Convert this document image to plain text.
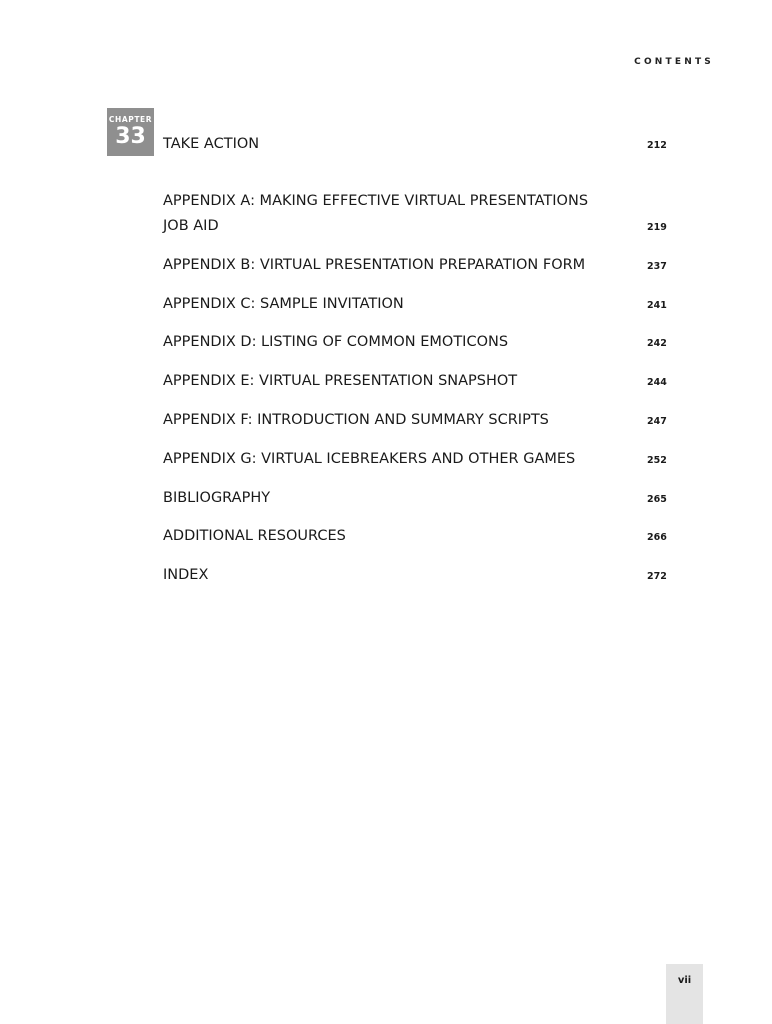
CONTENTS
CHAPTER
33	TAKE ACTION	212
APPENDIX A: MAKING EFFECTIVE VIRTUAL PRESENTATIONS
JOB AID	219
APPENDIX B: VIRTUAL PRESENTATION PREPARATION FORM	237
APPENDIX C: SAMPLE INVITATION	241
APPENDIX D: LISTING OF COMMON EMOTICONS	242
APPENDIX E: VIRTUAL PRESENTATION SNAPSHOT	244
APPENDIX F: INTRODUCTION AND SUMMARY SCRIPTS	247
APPENDIX G: VIRTUAL ICEBREAKERS AND OTHER GAMES	252
BIBLIOGRAPHY	265
ADDITIONAL RESOURCES	266
INDEX	272
vii
